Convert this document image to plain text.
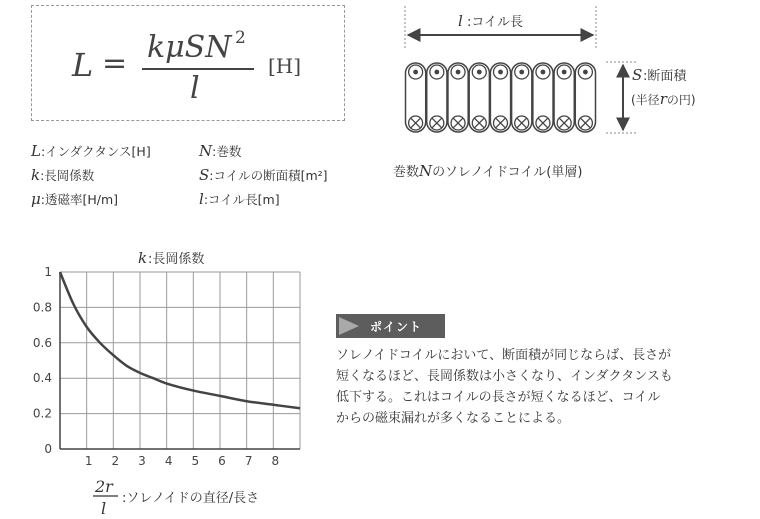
L = kμSN 2
l
[H]
L:インダクタンス[H]	N:巻数
k:長岡係数	S:コイルの断面積[m²]
μ:透磁率[H/m]	l:コイル長[m]
l :コイル長
S :断面積
(半径rの円)
巻数Nのソレノイドコイル(単層)
k :長岡係数
0
0.2
0.4
0.6
0.8
1
1 2 3 4 5 6 7 8
2r
l
:ソレノイドの直径/長さ
ポイント
ソレノイドコイルにおいて、断面積が同じならば、長さが
短くなるほど、長岡係数は小さくなり、インダクタンスも
低下する。これはコイルの長さが短くなるほど、コイル
からの磁束漏れが多くなることによる。
